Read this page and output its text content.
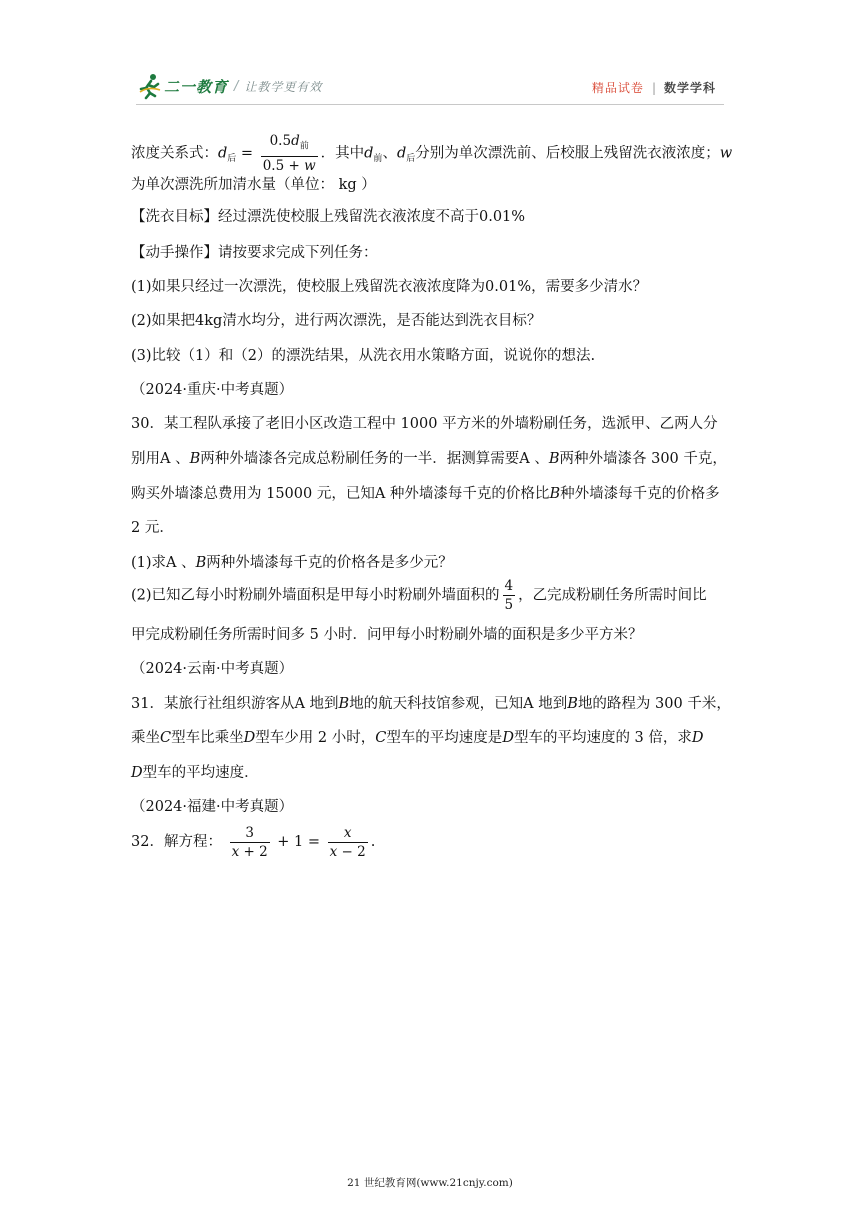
二一教育 / 让教学更有效	精品试卷 | 数学学科
浓度关系式：$d_后 = \frac{0.5d_前}{0.5 + w}$ ．其中$d_前$、$d_后$分别为单次漂洗前、后校服上残留洗衣液浓度；w
为单次漂洗所加清水量（单位： kg ）
【洗衣目标】经过漂洗使校服上残留洗衣液浓度不高于0.01%
【动手操作】请按要求完成下列任务：
(1)如果只经过一次漂洗，使校服上残留洗衣液浓度降为0.01%，需要多少清水？
(2)如果把4kg清水均分，进行两次漂洗，是否能达到洗衣目标？
(3)比较（1）和（2）的漂洗结果，从洗衣用水策略方面，说说你的想法.
（2024·重庆·中考真题）
30．某工程队承接了老旧小区改造工程中 1000 平方米的外墙粉刷任务，选派甲、乙两人分
别用A 、B两种外墙漆各完成总粉刷任务的一半．据测算需要A 、B两种外墙漆各 300 千克，
购买外墙漆总费用为 15000 元，已知A 种外墙漆每千克的价格比B种外墙漆每千克的价格多
2 元．
(1)求A 、B两种外墙漆每千克的价格各是多少元？
(2)已知乙每小时粉刷外墙面积是甲每小时粉刷外墙面积的 $\frac{4}{5}$ ，乙完成粉刷任务所需时间比
甲完成粉刷任务所需时间多 5 小时．问甲每小时粉刷外墙的面积是多少平方米？
（2024·云南·中考真题）
31．某旅行社组织游客从A 地到B地的航天科技馆参观，已知A 地到B地的路程为 300 千米，
乘坐C型车比乘坐D型车少用 2 小时，C型车的平均速度是D型车的平均速度的 3 倍，求D
D型车的平均速度．
（2024·福建·中考真题）
32．解方程： $\frac{3}{x + 2} + 1 = \frac{x}{x - 2}$ .
21 世纪教育网(www.21cnjy.com)
